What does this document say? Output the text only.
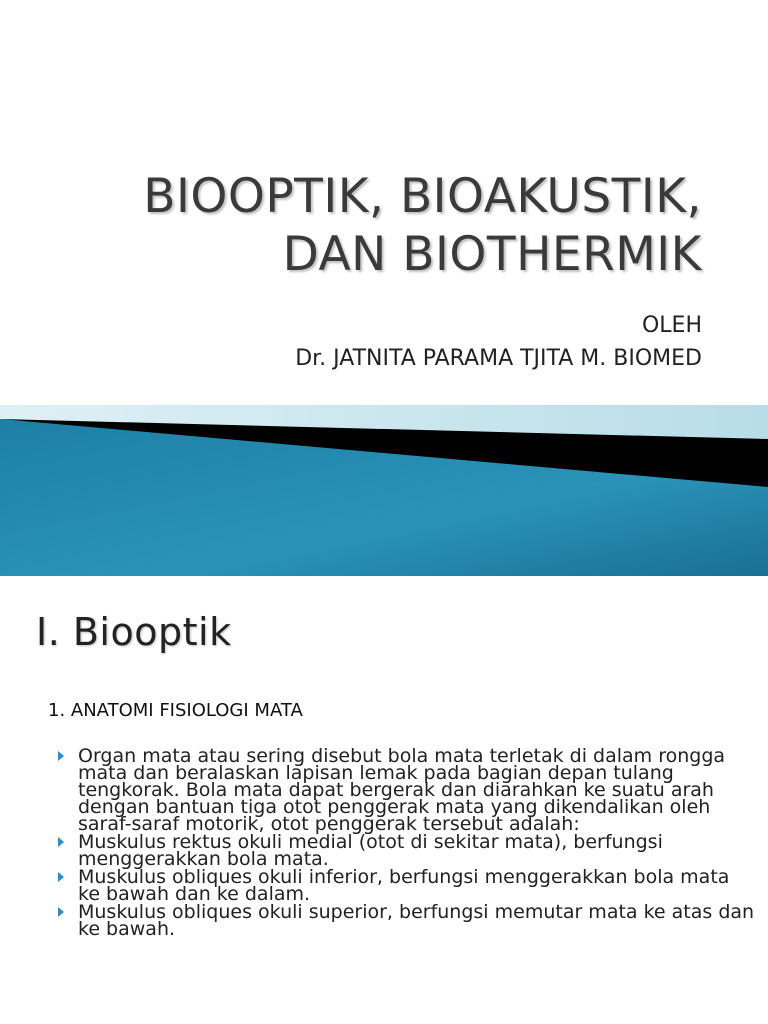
BIOOPTIK, BIOAKUSTIK,
DAN BIOTHERMIK
OLEH
Dr. JATNITA PARAMA TJITA M. BIOMED
I. Biooptik
1. ANATOMI FISIOLOGI MATA
Organ mata atau sering disebut bola mata terletak di dalam rongga mata dan beralaskan lapisan lemak pada bagian depan tulang tengkorak. Bola mata dapat bergerak dan diarahkan ke suatu arah dengan bantuan tiga otot penggerak mata yang dikendalikan oleh saraf-saraf motorik, otot penggerak tersebut adalah:
Muskulus rektus okuli medial (otot di sekitar mata), berfungsi menggerakkan bola mata.
Muskulus obliques okuli inferior, berfungsi menggerakkan bola mata ke bawah dan ke dalam.
Muskulus obliques okuli superior, berfungsi memutar mata ke atas dan ke bawah.
